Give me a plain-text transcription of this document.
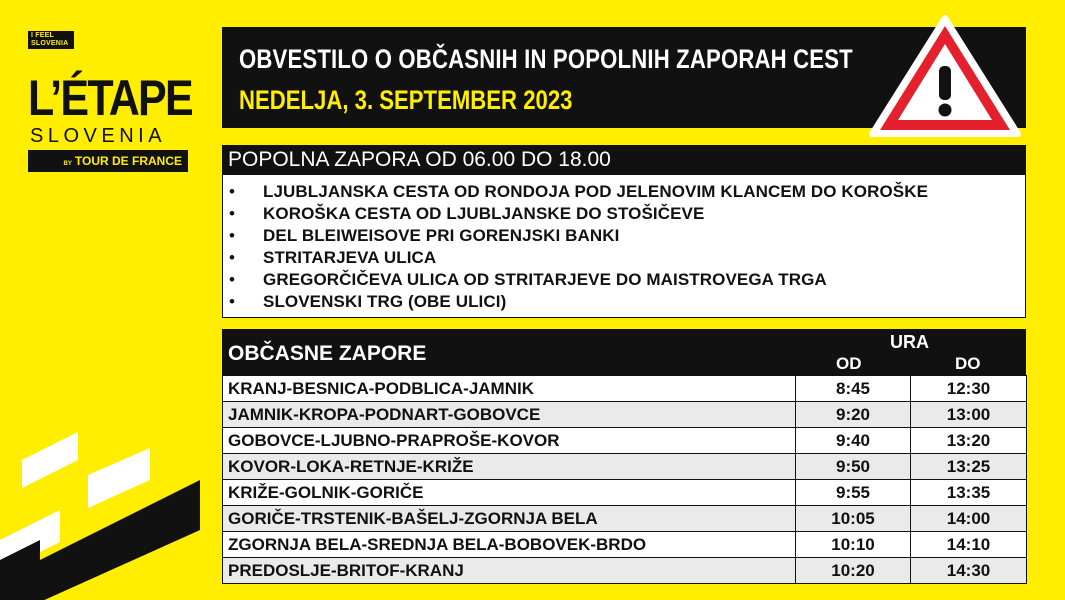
I FEEL
SLOVENIA
L’ÉTAPE
SLOVENIA
BY TOUR DE FRANCE
OBVESTILO O OBČASNIH IN POPOLNIH ZAPORAH CEST
NEDELJA, 3. SEPTEMBER 2023
POPOLNA ZAPORA OD 06.00 DO 18.00
• LJUBLJANSKA CESTA OD RONDOJA POD JELENOVIM KLANCEM DO KOROŠKE
• KOROŠKA CESTA OD LJUBLJANSKE DO STOŠIČEVE
• DEL BLEIWEISOVE PRI GORENJSKI BANKI
• STRITARJEVA ULICA
• GREGORČIČEVA ULICA OD STRITARJEVE DO MAISTROVEGA TRGA
• SLOVENSKI TRG (OBE ULICI)
OBČASNE ZAPORE	URA
OD	DO
KRANJ-BESNICA-PODBLICA-JAMNIK	8:45	12:30
JAMNIK-KROPA-PODNART-GOBOVCE	9:20	13:00
GOBOVCE-LJUBNO-PRAPROŠE-KOVOR	9:40	13:20
KOVOR-LOKA-RETNJE-KRIŽE	9:50	13:25
KRIŽE-GOLNIK-GORIČE	9:55	13:35
GORIČE-TRSTENIK-BAŠELJ-ZGORNJA BELA	10:05	14:00
ZGORNJA BELA-SREDNJA BELA-BOBOVEK-BRDO	10:10	14:10
PREDOSLJE-BRITOF-KRANJ	10:20	14:30
